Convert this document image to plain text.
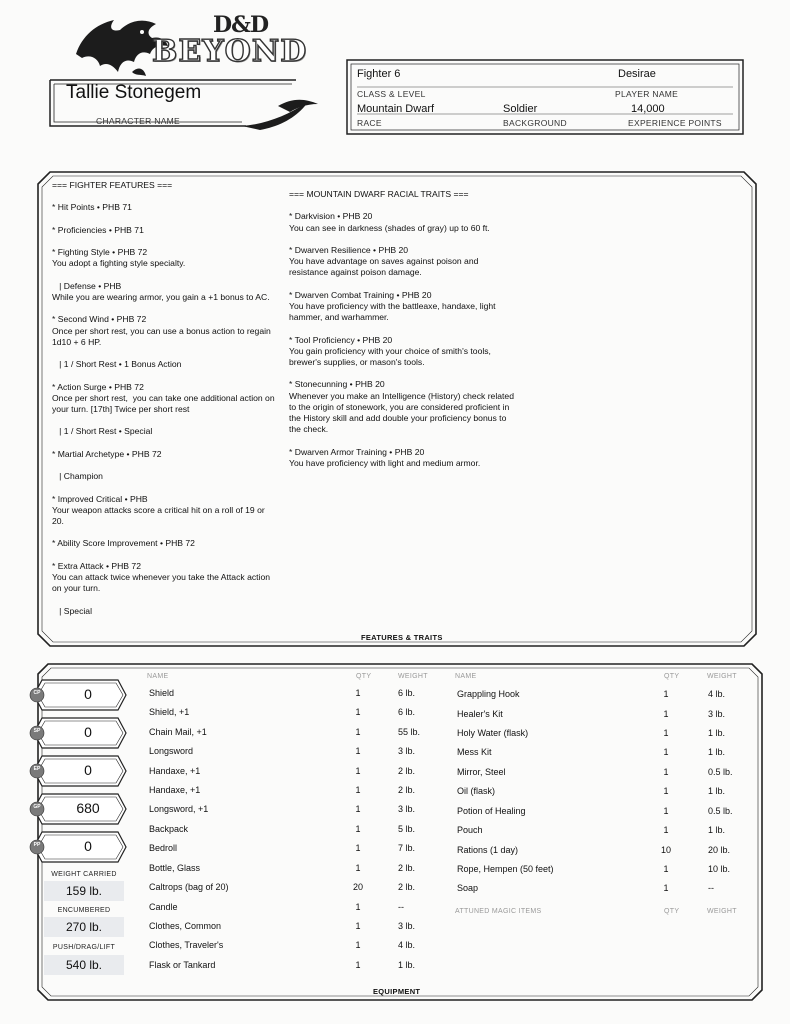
D&D
BEYOND
Tallie Stonegem
CHARACTER NAME
Fighter 6
CLASS & LEVEL
Desirae
PLAYER NAME
Mountain Dwarf
RACE
Soldier
BACKGROUND
14,000
EXPERIENCE POINTS

=== FIGHTER FEATURES ===

* Hit Points • PHB 71

* Proficiencies • PHB 71

* Fighting Style • PHB 72
You adopt a fighting style specialty.

| Defense • PHB
While you are wearing armor, you gain a +1 bonus to AC.

* Second Wind • PHB 72
Once per short rest, you can use a bonus action to regain 1d10 + 6 HP.

| 1 / Short Rest • 1 Bonus Action

* Action Surge • PHB 72
Once per short rest,  you can take one additional action on your turn. [17th] Twice per short rest

| 1 / Short Rest • Special

* Martial Archetype • PHB 72

| Champion

* Improved Critical • PHB
Your weapon attacks score a critical hit on a roll of 19 or 20.

* Ability Score Improvement • PHB 72

* Extra Attack • PHB 72
You can attack twice whenever you take the Attack action on your turn.

| Special

=== MOUNTAIN DWARF RACIAL TRAITS ===

* Darkvision • PHB 20
You can see in darkness (shades of gray) up to 60 ft.

* Dwarven Resilience • PHB 20
You have advantage on saves against poison and resistance against poison damage.

* Dwarven Combat Training • PHB 20
You have proficiency with the battleaxe, handaxe, light hammer, and warhammer.

* Tool Proficiency • PHB 20
You gain proficiency with your choice of smith's tools, brewer's supplies, or mason's tools.

* Stonecunning • PHB 20
Whenever you make an Intelligence (History) check related to the origin of stonework, you are considered proficient in the History skill and add double your proficiency bonus to the check.

* Dwarven Armor Training • PHB 20
You have proficiency with light and medium armor.

FEATURES & TRAITS
CP	0
SP	0
EP	0
GP	680
PP	0
WEIGHT CARRIED
159 lb.
ENCUMBERED
270 lb.
PUSH/DRAG/LIFT
540 lb.
NAME	QTY	WEIGHT	NAME	QTY	WEIGHT
Shield	1	6 lb.
Shield, +1	1	6 lb.
Chain Mail, +1	1	55 lb.
Longsword	1	3 lb.
Handaxe, +1	1	2 lb.
Handaxe, +1	1	2 lb.
Longsword, +1	1	3 lb.
Backpack	1	5 lb.
Bedroll	1	7 lb.
Bottle, Glass	1	2 lb.
Caltrops (bag of 20)	20	2 lb.
Candle	1	--
Clothes, Common	1	3 lb.
Clothes, Traveler's	1	4 lb.
Flask or Tankard	1	1 lb.
Grappling Hook	1	4 lb.
Healer's Kit	1	3 lb.
Holy Water (flask)	1	1 lb.
Mess Kit	1	1 lb.
Mirror, Steel	1	0.5 lb.
Oil (flask)	1	1 lb.
Potion of Healing	1	0.5 lb.
Pouch	1	1 lb.
Rations (1 day)	10	20 lb.
Rope, Hempen (50 feet)	1	10 lb.
Soap	1	--
ATTUNED MAGIC ITEMS	QTY	WEIGHT
EQUIPMENT
